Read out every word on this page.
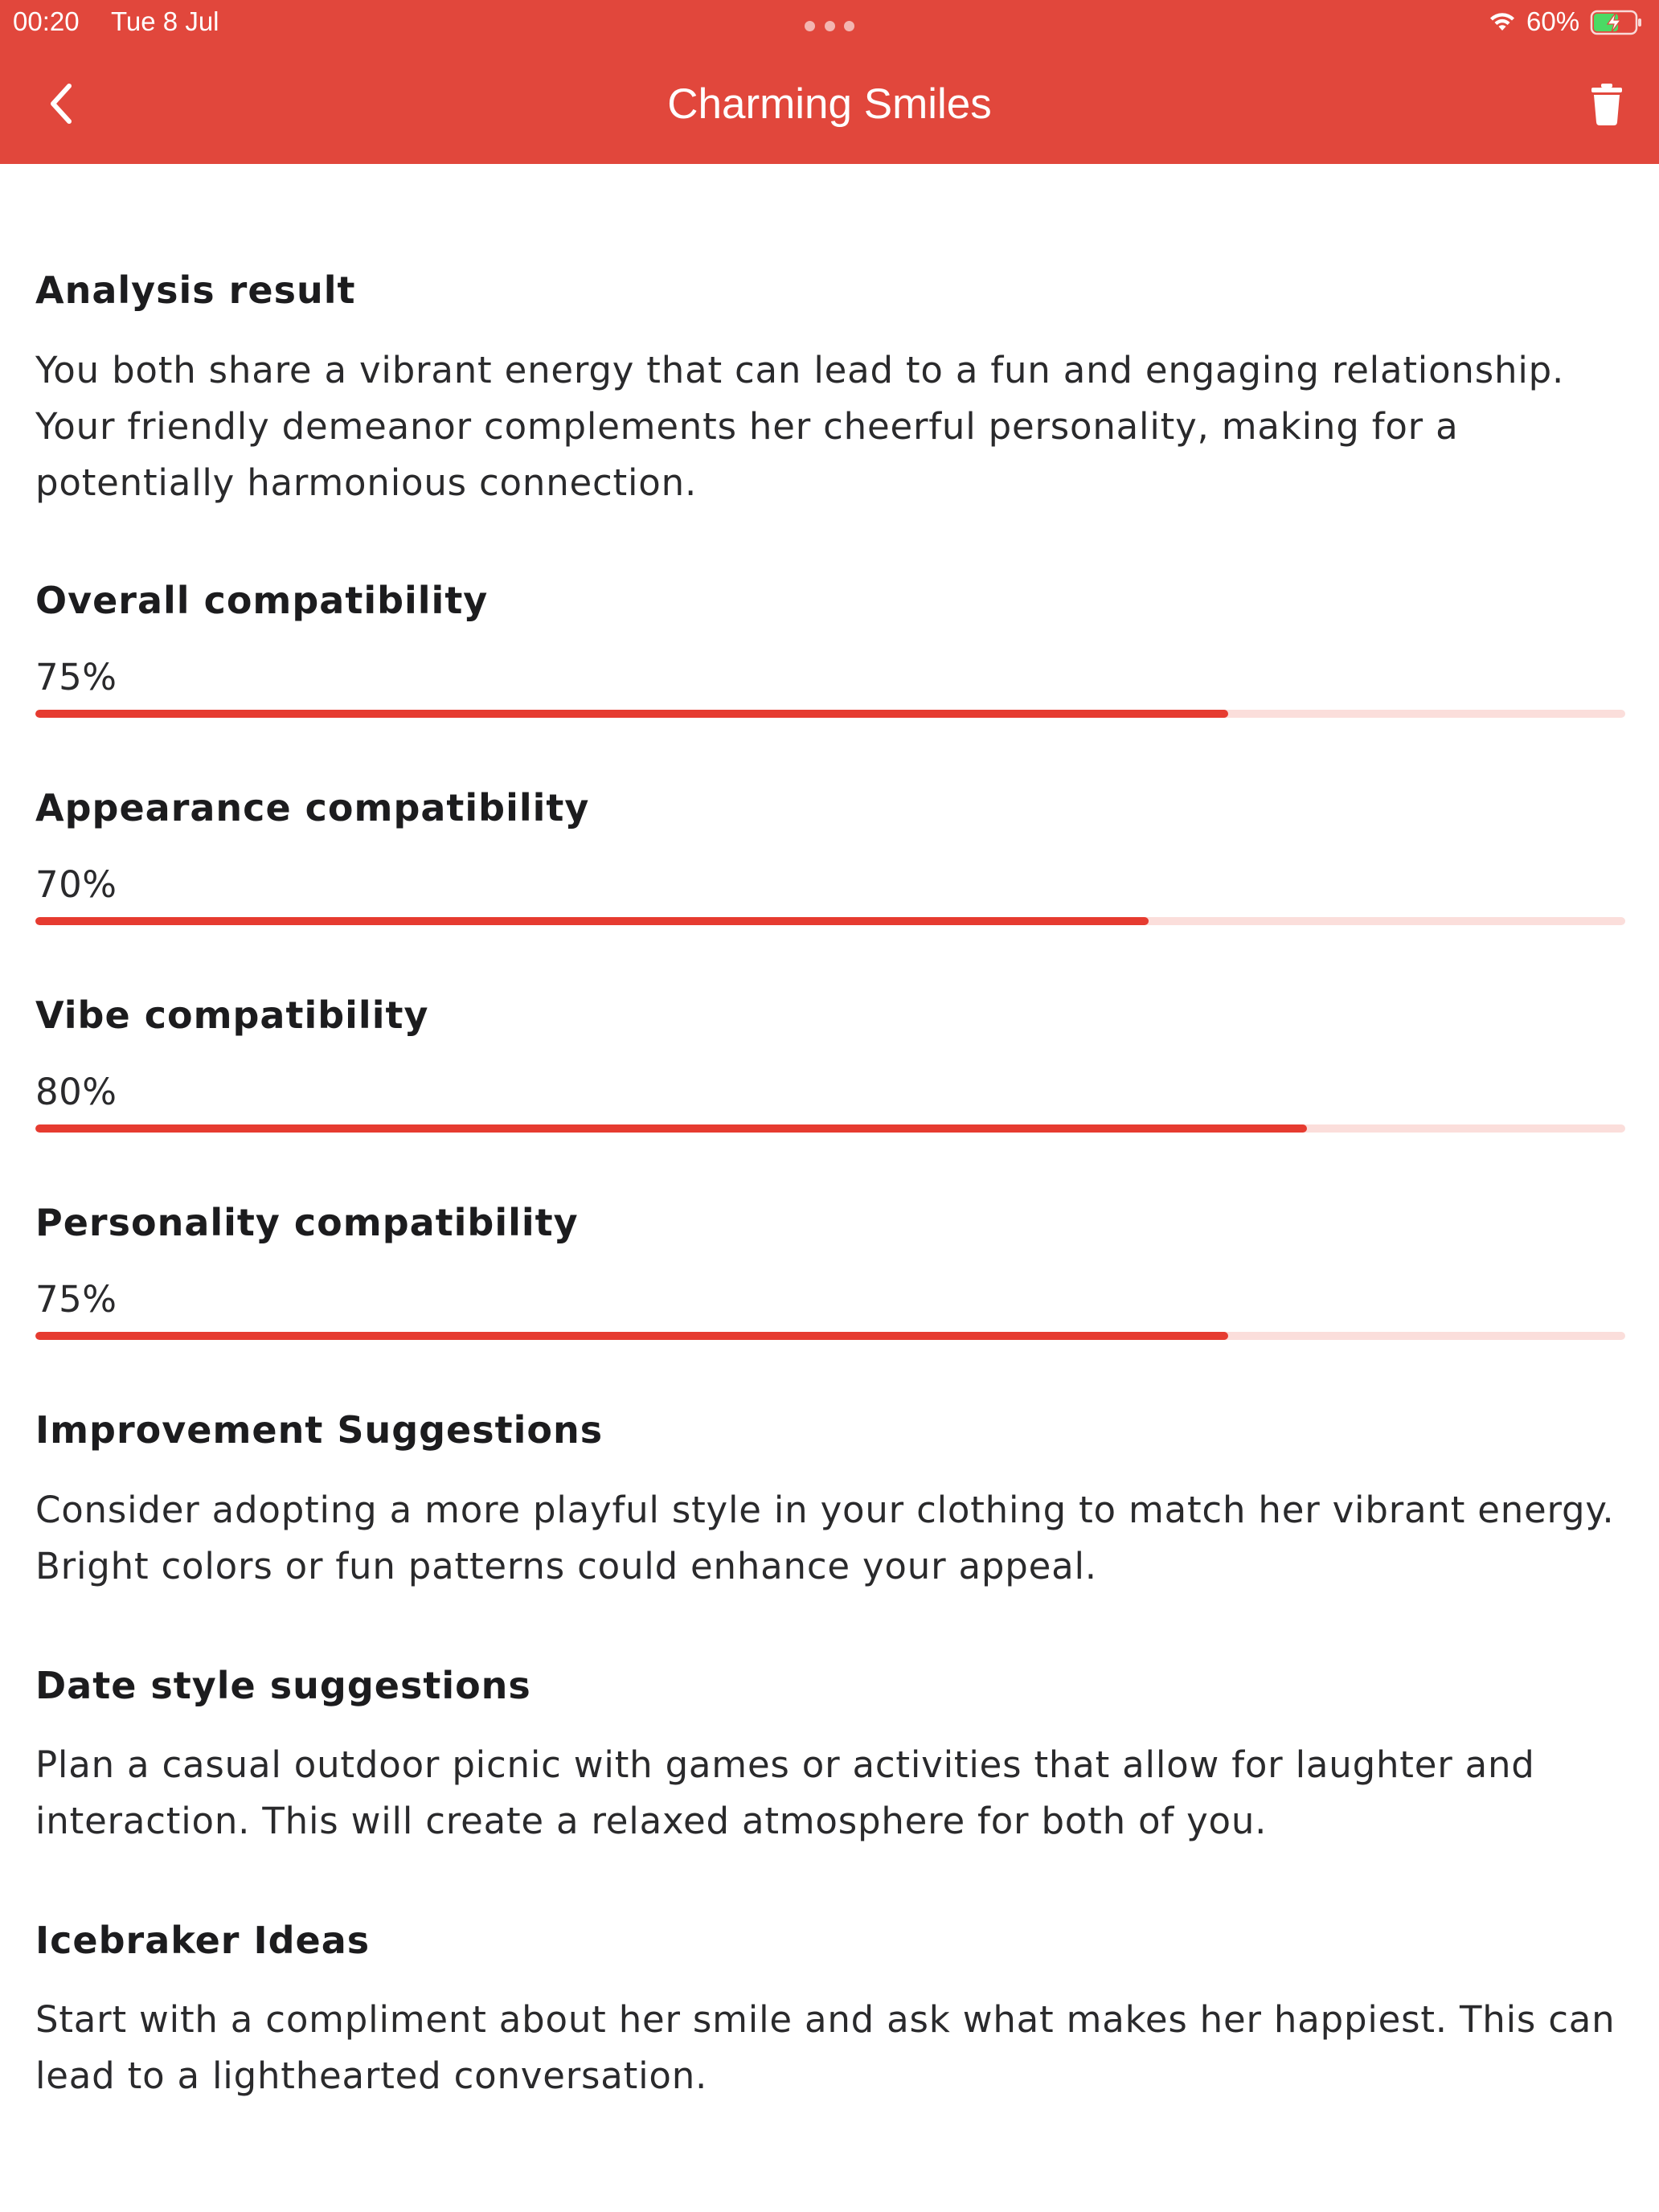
00:20 Tue 8 Jul	60%
Charming Smiles
Analysis result
You both share a vibrant energy that can lead to a fun and engaging relationship. Your friendly demeanor complements her cheerful personality, making for a potentially harmonious connection.
Overall compatibility
75%
Appearance compatibility
70%
Vibe compatibility
80%
Personality compatibility
75%
Improvement Suggestions
Consider adopting a more playful style in your clothing to match her vibrant energy. Bright colors or fun patterns could enhance your appeal.
Date style suggestions
Plan a casual outdoor picnic with games or activities that allow for laughter and interaction. This will create a relaxed atmosphere for both of you.
Icebraker Ideas
Start with a compliment about her smile and ask what makes her happiest. This can lead to a lighthearted conversation.
